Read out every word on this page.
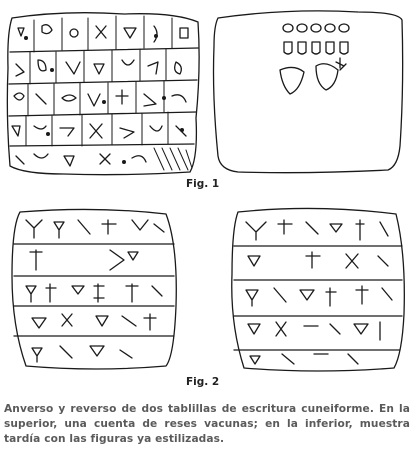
Fig. 1
Fig. 2

Anverso y reverso de dos tablillas de escritura cuneiforme. En la superior, una cuenta de reses vacunas; en la inferior, muestra tardía con las figuras ya estilizadas.
